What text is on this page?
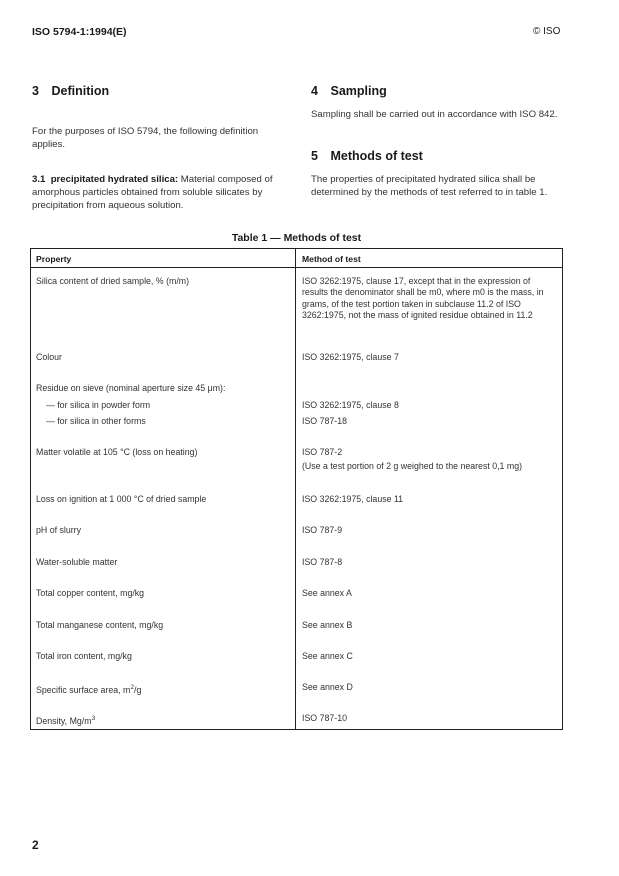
ISO 5794-1:1994(E)	© ISO
3 Definition
For the purposes of ISO 5794, the following definition applies.
3.1 precipitated hydrated silica: Material composed of amorphous particles obtained from soluble silicates by precipitation from aqueous solution.
4 Sampling
Sampling shall be carried out in accordance with ISO 842.
5 Methods of test
The properties of precipitated hydrated silica shall be determined by the methods of test referred to in table 1.
Table 1 — Methods of test
Property	Method of test
Silica content of dried sample, % (m/m)	ISO 3262:1975, clause 17, except that in the expression of results the denominator shall be m0, where m0 is the mass, in grams, of the test portion taken in subclause 11.2 of ISO 3262:1975, not the mass of ignited residue obtained in 11.2
Colour	ISO 3262:1975, clause 7
Residue on sieve (nominal aperture size 45 μm):
— for silica in powder form	ISO 3262:1975, clause 8
— for silica in other forms	ISO 787-18
Matter volatile at 105 °C (loss on heating)	ISO 787-2
(Use a test portion of 2 g weighed to the nearest 0,1 mg)
Loss on ignition at 1 000 °C of dried sample	ISO 3262:1975, clause 11
pH of slurry	ISO 787-9
Water-soluble matter	ISO 787-8
Total copper content, mg/kg	See annex A
Total manganese content, mg/kg	See annex B
Total iron content, mg/kg	See annex C
Specific surface area, $m^2/g$	See annex D
Density, $Mg/m^3$	ISO 787-10
2
